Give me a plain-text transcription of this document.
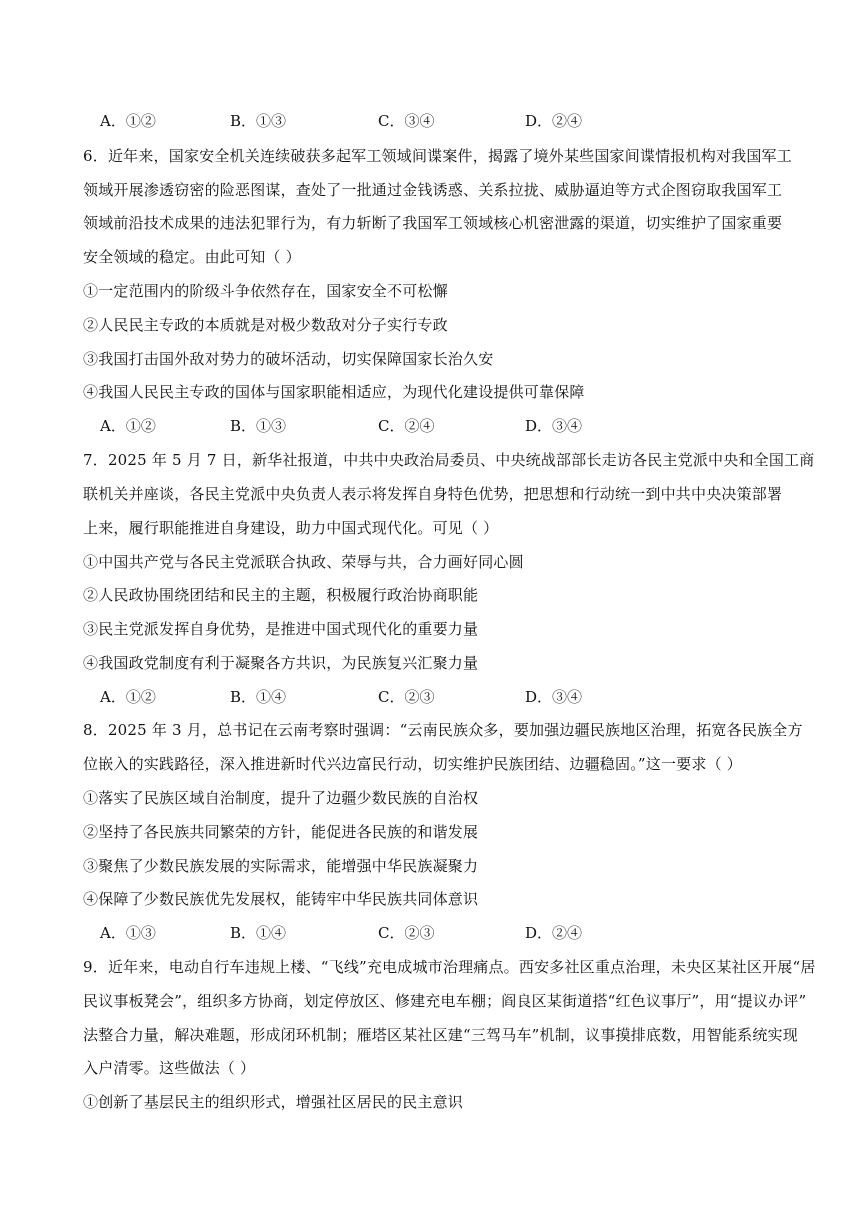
A．①②	B．①③	C．③④	D．②④
6．近年来，国家安全机关连续破获多起军工领域间谍案件，揭露了境外某些国家间谍情报机构对我国军工
领域开展渗透窃密的险恶图谋，查处了一批通过金钱诱惑、关系拉拢、威胁逼迫等方式企图窃取我国军工
领域前沿技术成果的违法犯罪行为，有力斩断了我国军工领域核心机密泄露的渠道，切实维护了国家重要
安全领域的稳定。由此可知（ ）
①一定范围内的阶级斗争依然存在，国家安全不可松懈
②人民民主专政的本质就是对极少数敌对分子实行专政
③我国打击国外敌对势力的破坏活动，切实保障国家长治久安
④我国人民民主专政的国体与国家职能相适应，为现代化建设提供可靠保障
A．①②	B．①③	C．②④	D．③④
7．2025 年 5 月 7 日，新华社报道，中共中央政治局委员、中央统战部部长走访各民主党派中央和全国工商
联机关并座谈，各民主党派中央负责人表示将发挥自身特色优势，把思想和行动统一到中共中央决策部署
上来，履行职能推进自身建设，助力中国式现代化。可见（ ）
①中国共产党与各民主党派联合执政、荣辱与共，合力画好同心圆
②人民政协围绕团结和民主的主题，积极履行政治协商职能
③民主党派发挥自身优势，是推进中国式现代化的重要力量
④我国政党制度有利于凝聚各方共识，为民族复兴汇聚力量
A．①②	B．①④	C．②③	D．③④
8．2025 年 3 月，总书记在云南考察时强调：“云南民族众多，要加强边疆民族地区治理，拓宽各民族全方
位嵌入的实践路径，深入推进新时代兴边富民行动，切实维护民族团结、边疆稳固。”这一要求（ ）
①落实了民族区域自治制度，提升了边疆少数民族的自治权
②坚持了各民族共同繁荣的方针，能促进各民族的和谐发展
③聚焦了少数民族发展的实际需求，能增强中华民族凝聚力
④保障了少数民族优先发展权，能铸牢中华民族共同体意识
A．①③	B．①④	C．②③	D．②④
9．近年来，电动自行车违规上楼、“飞线”充电成城市治理痛点。西安多社区重点治理，未央区某社区开展“居
民议事板凳会”，组织多方协商，划定停放区、修建充电车棚；阎良区某街道搭“红色议事厅”，用“提议办评”
法整合力量，解决难题，形成闭环机制；雁塔区某社区建“三驾马车”机制，议事摸排底数，用智能系统实现
入户清零。这些做法（ ）
①创新了基层民主的组织形式，增强社区居民的民主意识
